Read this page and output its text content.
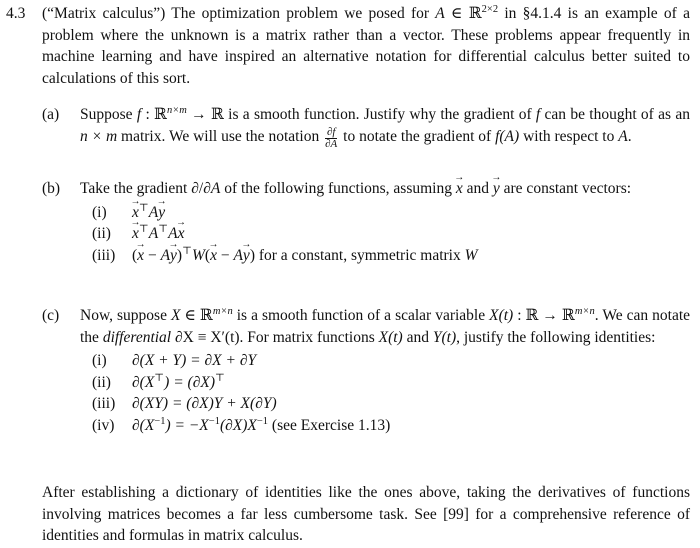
4.3 (“Matrix calculus”) The optimization problem we posed for A ∈ ℝ$^{2\times 2}$ in §4.1.4 is an example of a problem where the unknown is a matrix rather than a vector. These problems appear frequently in machine learning and have inspired an alternative notation for differential calculus better suited to calculations of this sort.
(a) Suppose f : ℝ$^{n\times m}$ → ℝ is a smooth function. Justify why the gradient of f can be thought of as an n × m matrix. We will use the notation $\frac{\partial f}{\partial A}$ to notate the gradient of f(A) with respect to A.
(b) Take the gradient ∂/∂A of the following functions, assuming → x and → y are constant vectors:
(i) → x⊤A→ y
(ii) → x⊤A⊤A→ x
(iii) (→ x − A→ y)⊤W(→ x − A→ y) for a constant, symmetric matrix W
(c) Now, suppose X ∈ ℝ$^{m\times n}$ is a smooth function of a scalar variable X(t) : ℝ → ℝ$^{m\times n}$. We can notate the differential ∂X ≡ X′(t). For matrix functions X(t) and Y(t), justify the following identities:
(i) ∂(X + Y) = ∂X + ∂Y
(ii) ∂(X⊤) = (∂X)⊤
(iii) ∂(XY) = (∂X)Y + X(∂Y)
(iv) $\partial(X^{-1}) = -X^{-1}(\partial X)X^{-1}$ (see Exercise 1.13)
After establishing a dictionary of identities like the ones above, taking the derivatives of functions involving matrices becomes a far less cumbersome task. See [99] for a comprehensive reference of identities and formulas in matrix calculus.
